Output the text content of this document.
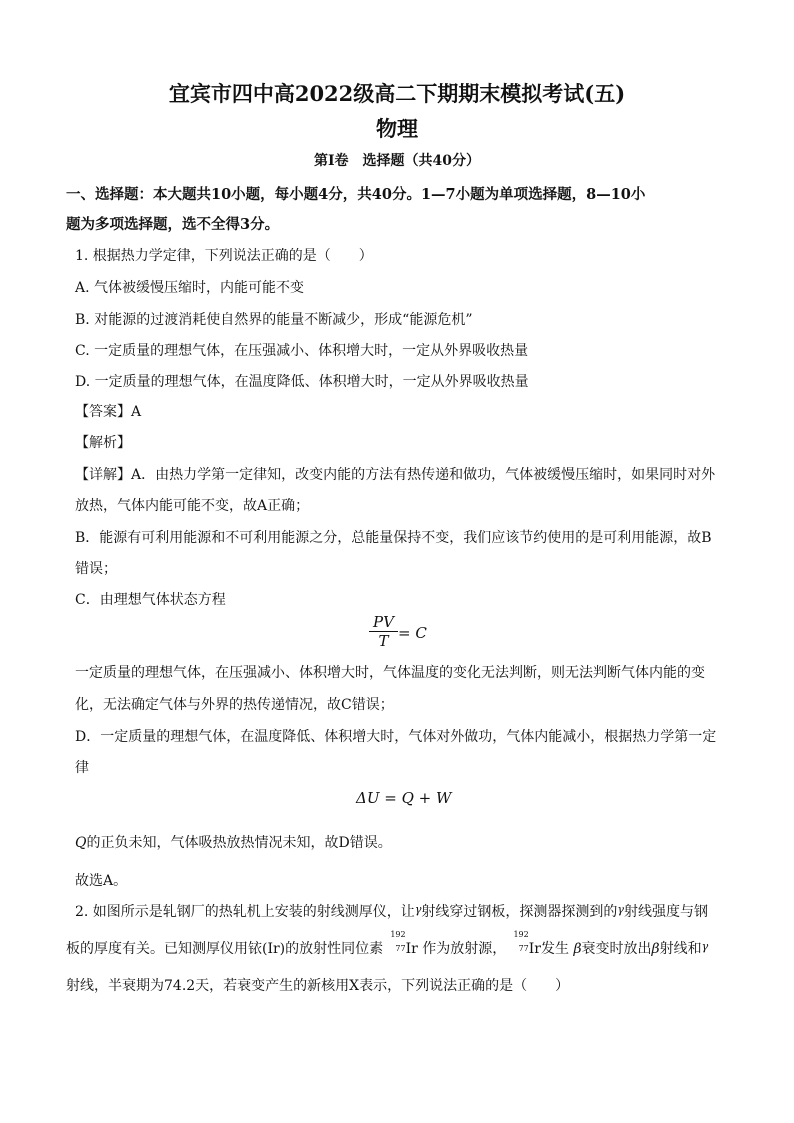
宜宾市四中高2022级高二下期期末模拟考试(五)
物理
第Ⅰ卷　选择题（共40分）
一、选择题：本大题共10小题，每小题4分，共40分。1—7小题为单项选择题，8—10小
题为多项选择题，选不全得3分。
1. 根据热力学定律，下列说法正确的是（　　）
A. 气体被缓慢压缩时，内能可能不变
B. 对能源的过渡消耗使自然界的能量不断减少，形成“能源危机”
C. 一定质量的理想气体，在压强减小、体积增大时，一定从外界吸收热量
D. 一定质量的理想气体，在温度降低、体积增大时，一定从外界吸收热量
【答案】A
【解析】
【详解】A．由热力学第一定律知，改变内能的方法有热传递和做功，气体被缓慢压缩时，如果同时对外
放热，气体内能可能不变，故A正确；
B．能源有可利用能源和不可利用能源之分，总能量保持不变，我们应该节约使用的是可利用能源，故B
错误；
C．由理想气体状态方程
PV
T = C
一定质量的理想气体，在压强减小、体积增大时，气体温度的变化无法判断，则无法判断气体内能的变
化，无法确定气体与外界的热传递情况，故C错误；
D．一定质量的理想气体，在温度降低、体积增大时，气体对外做功，气体内能减小，根据热力学第一定
律
ΔU = Q + W
Q的正负未知，气体吸热放热情况未知，故D错误。
故选A。
2. 如图所示是轧钢厂的热轧机上安装的射线测厚仪，让$^\gamma$射线穿过钢板，探测器探测到的$^\gamma$射线强度与钢
板的厚度有关。已知测厚仪用铱(Ir)的放射性同位素
192
77 Ir 作为放射源，
192
77 Ir发生 β衰变时放出β射线和$^\gamma$
射线，半衰期为74.2天，若衰变产生的新核用X表示，下列说法正确的是（　　）
